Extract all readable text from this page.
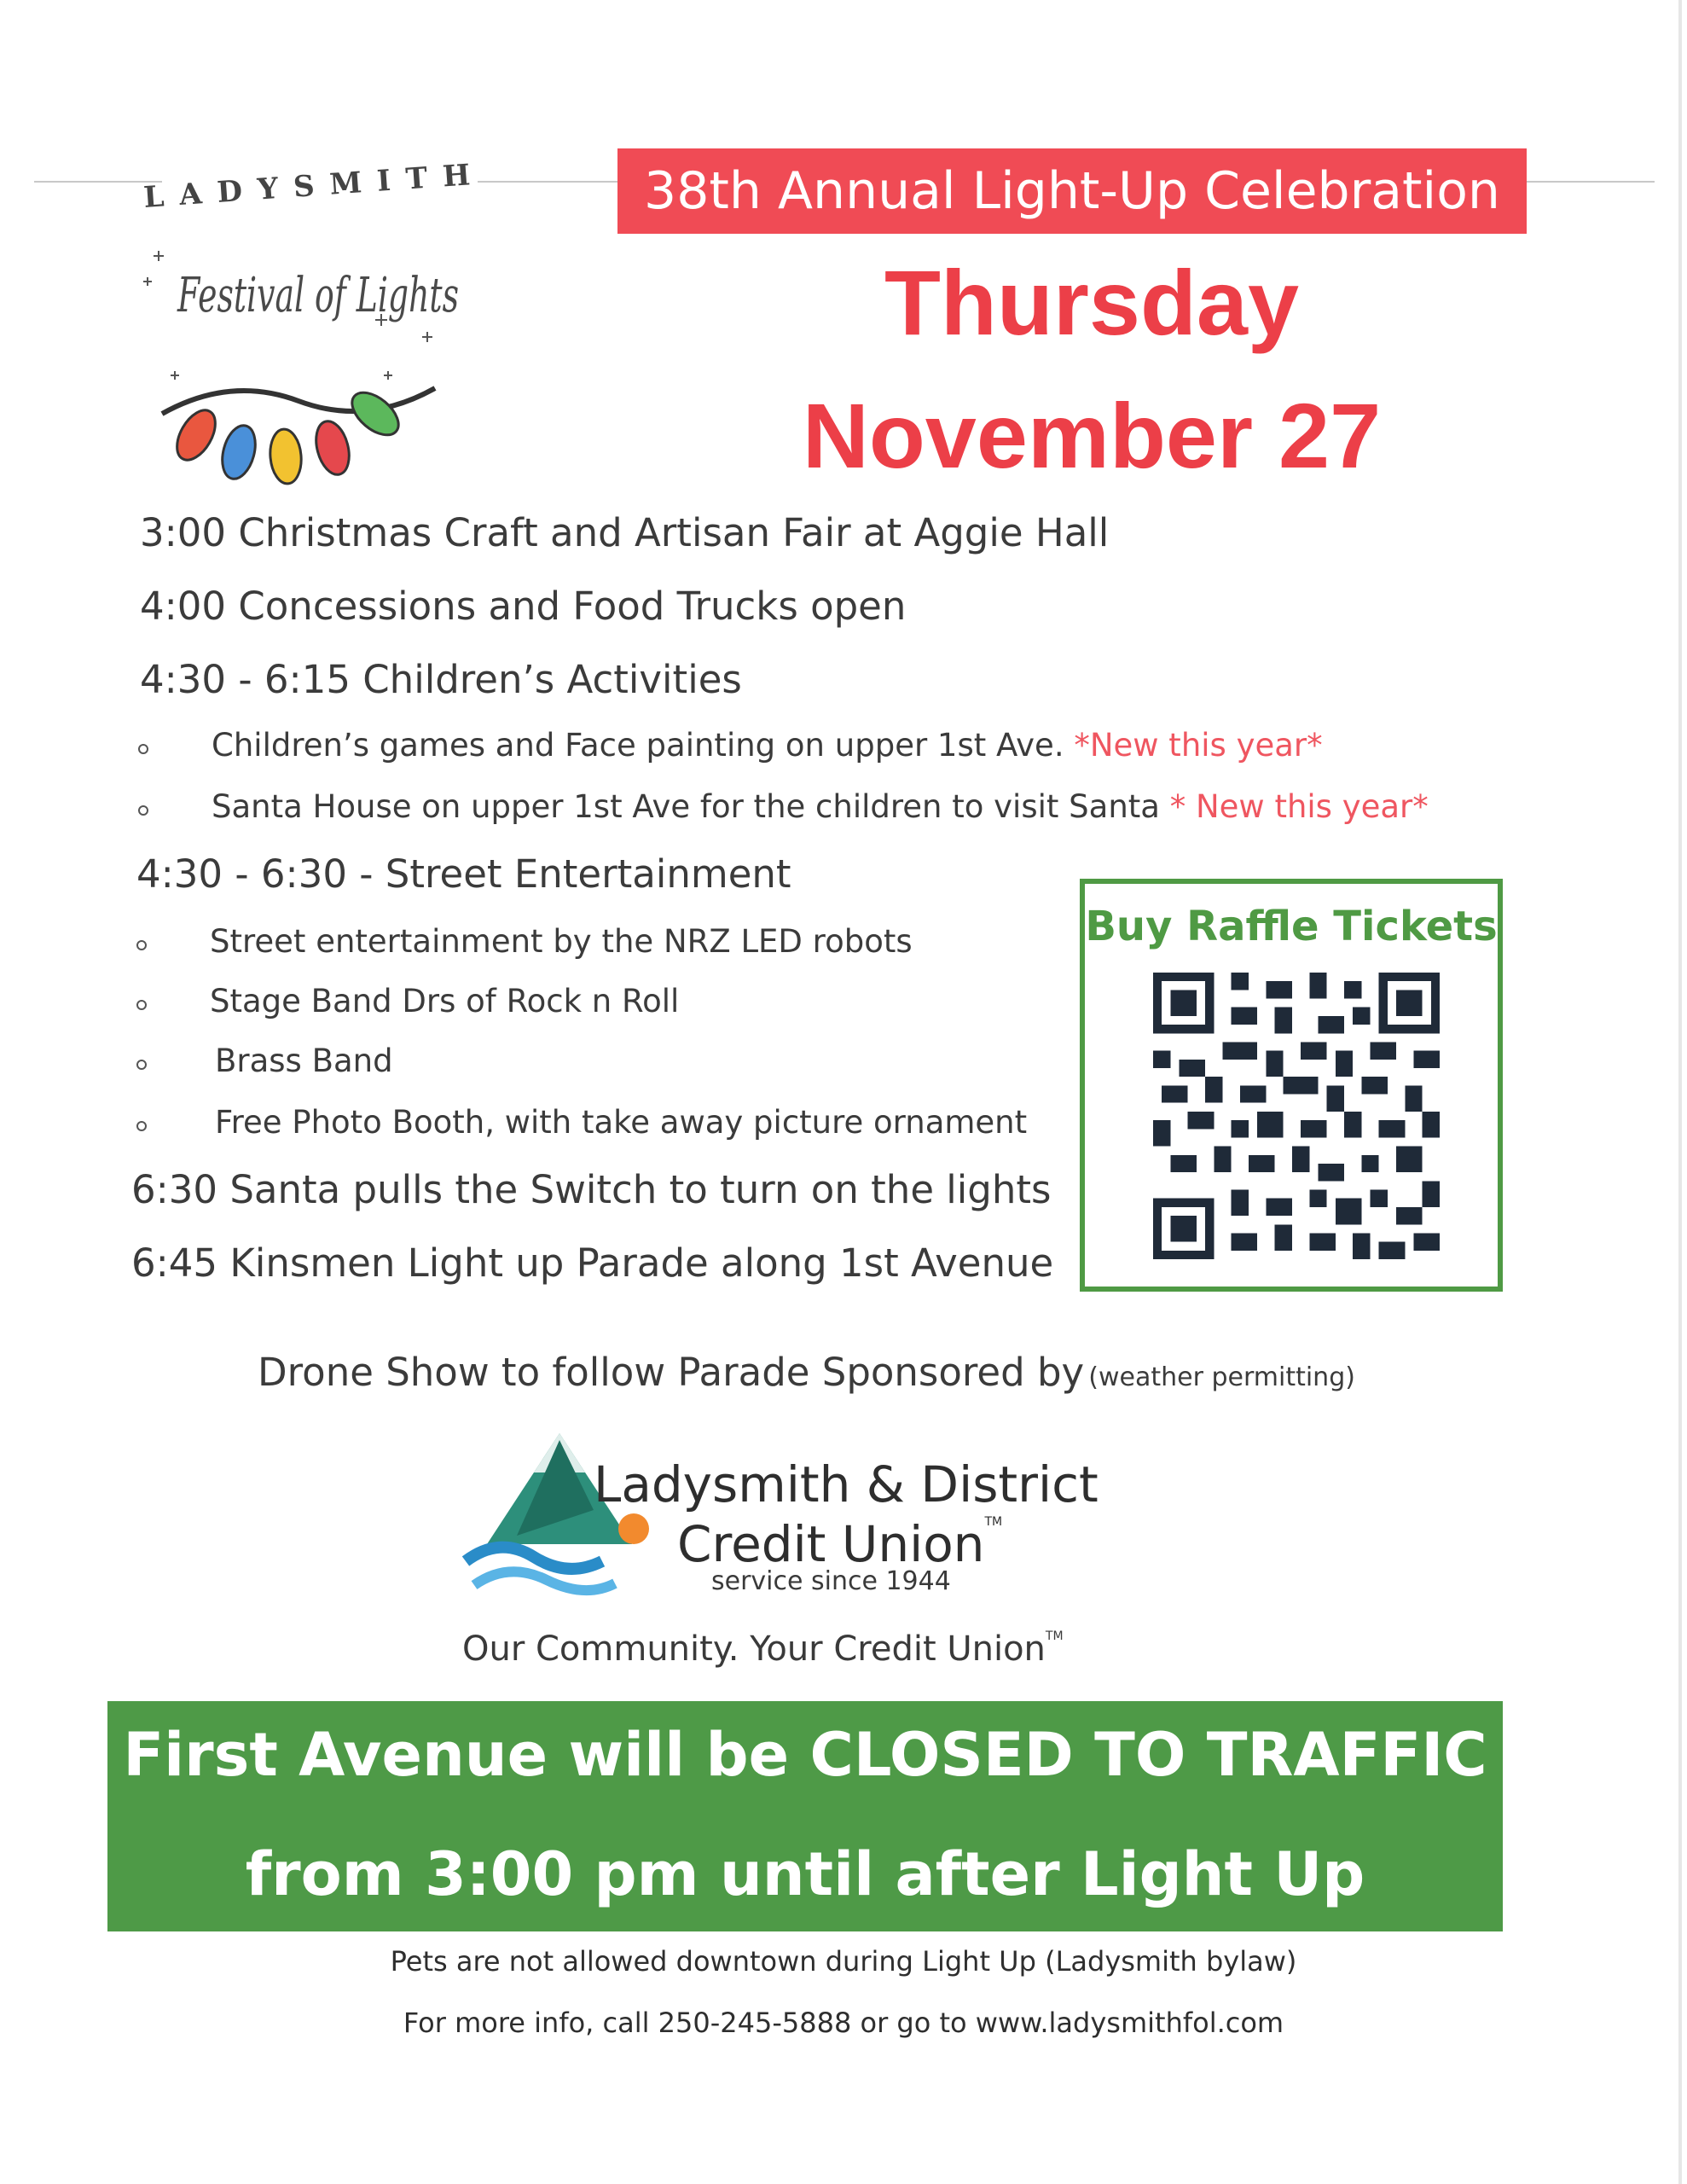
LADYSMITH
Festival of Lights
38th Annual Light-Up Celebration
Thursday
November 27
3:00 Christmas Craft and Artisan Fair at Aggie Hall
4:00 Concessions and Food Trucks open
4:30 - 6:15 Children’s Activities
Children’s games and Face painting on upper 1st Ave. *New this year*
Santa House on upper 1st Ave for the children to visit Santa * New this year*
4:30 - 6:30 - Street Entertainment
Street entertainment by the NRZ LED robots
Stage Band Drs of Rock n Roll
Brass Band
Free Photo Booth, with take away picture ornament
6:30 Santa pulls the Switch to turn on the lights
6:45 Kinsmen Light up Parade along 1st Avenue
Buy Raffle Tickets
Drone Show to follow Parade Sponsored by (weather permitting)
Ladysmith & District
Credit Union™
service since 1944
Our Community. Your Credit Union™
First Avenue will be CLOSED TO TRAFFIC
from 3:00 pm until after Light Up
Pets are not allowed downtown during Light Up (Ladysmith bylaw)
For more info, call 250-245-5888 or go to www.ladysmithfol.com
